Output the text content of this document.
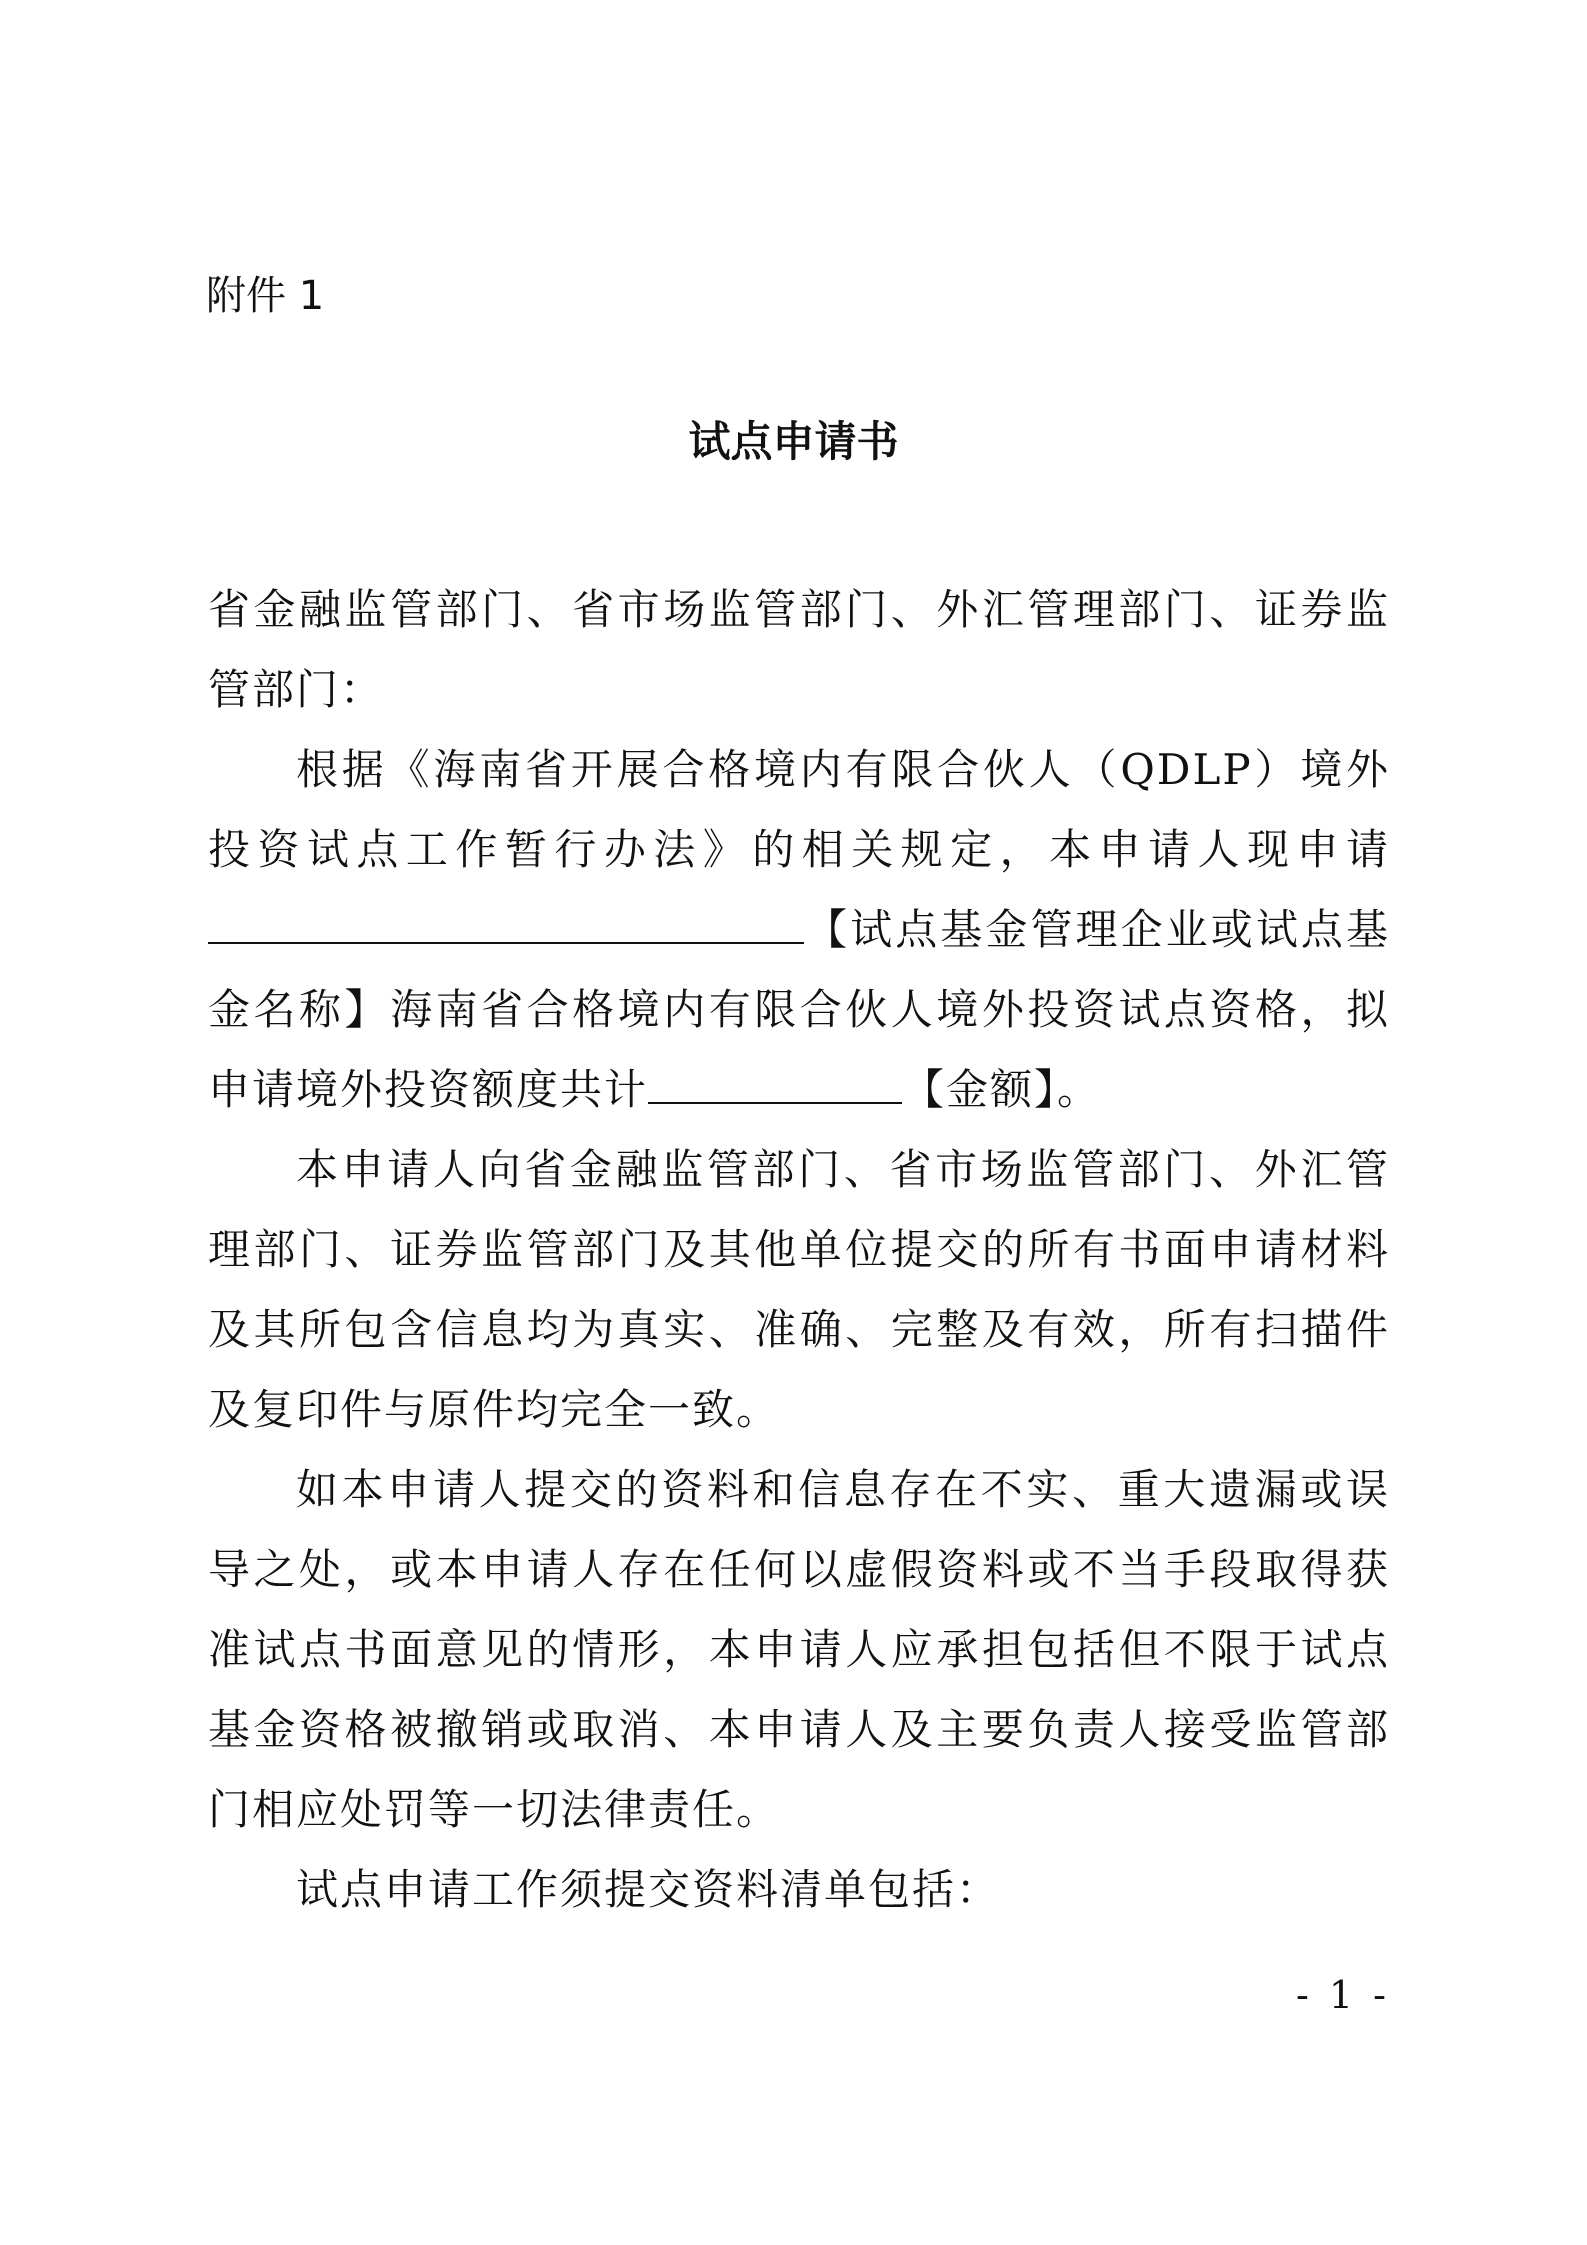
附件 1
试点申请书

省金融监管部门、省市场监管部门、外汇管理部门、证券监管部门：

根据《海南省开展合格境内有限合伙人（QDLP）境外投资试点工作暂行办法》的相关规定，本申请人现申请【试点基金管理企业或试点基金名称】海南省合格境内有限合伙人境外投资试点资格，拟申请境外投资额度共计	【金额】。

本申请人向省金融监管部门、省市场监管部门、外汇管理部门、证券监管部门及其他单位提交的所有书面申请材料及其所包含信息均为真实、准确、完整及有效，所有扫描件及复印件与原件均完全一致。

如本申请人提交的资料和信息存在不实、重大遗漏或误导之处，或本申请人存在任何以虚假资料或不当手段取得获准试点书面意见的情形，本申请人应承担包括但不限于试点基金资格被撤销或取消、本申请人及主要负责人接受监管部门相应处罚等一切法律责任。

试点申请工作须提交资料清单包括：

- 1 -
